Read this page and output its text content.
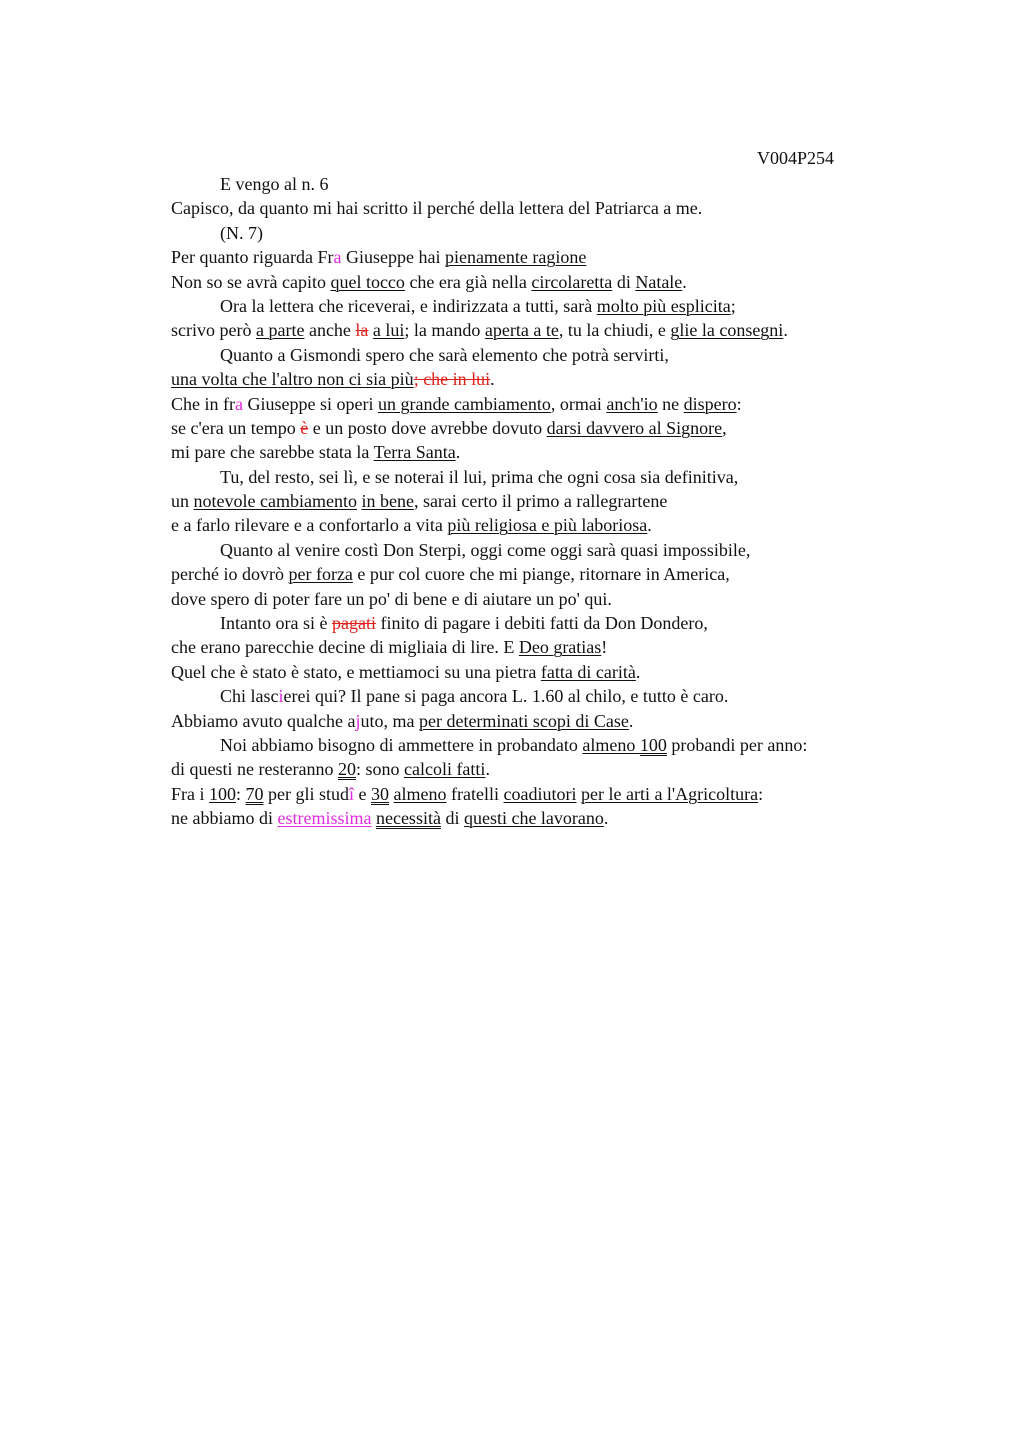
V004P254
E vengo al n. 6
Capisco, da quanto mi hai scritto il perché della lettera del Patriarca a me.
(N. 7)
Per quanto riguarda Fra Giuseppe hai pienamente ragione
Non so se avrà capito quel tocco che era già nella circolaretta di Natale.
Ora la lettera che riceverai, e indirizzata a tutti, sarà molto più esplicita;
scrivo però a parte anche la a lui; la mando aperta a te, tu la chiudi, e glie la consegni.
Quanto a Gismondi spero che sarà elemento che potrà servirti,
una volta che l'altro non ci sia più; che in lui.
Che in fra Giuseppe si operi un grande cambiamento, ormai anch'io ne dispero:
se c'era un tempo è e un posto dove avrebbe dovuto darsi davvero al Signore,
mi pare che sarebbe stata la Terra Santa.
Tu, del resto, sei lì, e se noterai il lui, prima che ogni cosa sia definitiva,
un notevole cambiamento in bene, sarai certo il primo a rallegrartene
e a farlo rilevare e a confortarlo a vita più religiosa e più laboriosa.
Quanto al venire costì Don Sterpi, oggi come oggi sarà quasi impossibile,
perché io dovrò per forza e pur col cuore che mi piange, ritornare in America,
dove spero di poter fare un po' di bene e di aiutare un po' qui.
Intanto ora si è pagati finito di pagare i debiti fatti da Don Dondero,
che erano parecchie decine di migliaia di lire. E Deo gratias!
Quel che è stato è stato, e mettiamoci su una pietra fatta di carità.
Chi lascierei qui? Il pane si paga ancora L. 1.60 al chilo, e tutto è caro.
Abbiamo avuto qualche ajuto, ma per determinati scopi di Case.
Noi abbiamo bisogno di ammettere in probandato almeno 100 probandi per anno:
di questi ne resteranno 20: sono calcoli fatti.
Fra i 100: 70 per gli studî e 30 almeno fratelli coadiutori per le arti a l'Agricoltura:
ne abbiamo di estremissima necessità di questi che lavorano.
